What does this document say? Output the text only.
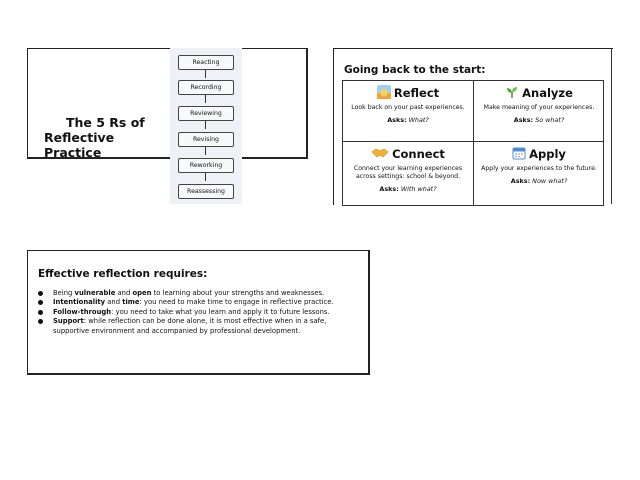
The 5 Rs of
Reflective
Practice
Reacting
Recording
Reviewing
Revising
Reworking
Reassessing
Going back to the start:
Reflect
Look back on your past experiences.
Asks: What?
Analyze
Make meaning of your experiences.
Asks: So what?
Connect
Connect your learning experiences across settings: school & beyond.
Asks: With what?
Apply
Apply your experiences to the future.
Asks: Now what?
Effective reflection requires:
Being vulnerable and open to learning about your strengths and weaknesses.
Intentionality and time: you need to make time to engage in reflective practice.
Follow-through: you need to take what you learn and apply it to future lessons.
Support: while reflection can be done alone, it is most effective when in a safe, supportive environment and accompanied by professional development.
